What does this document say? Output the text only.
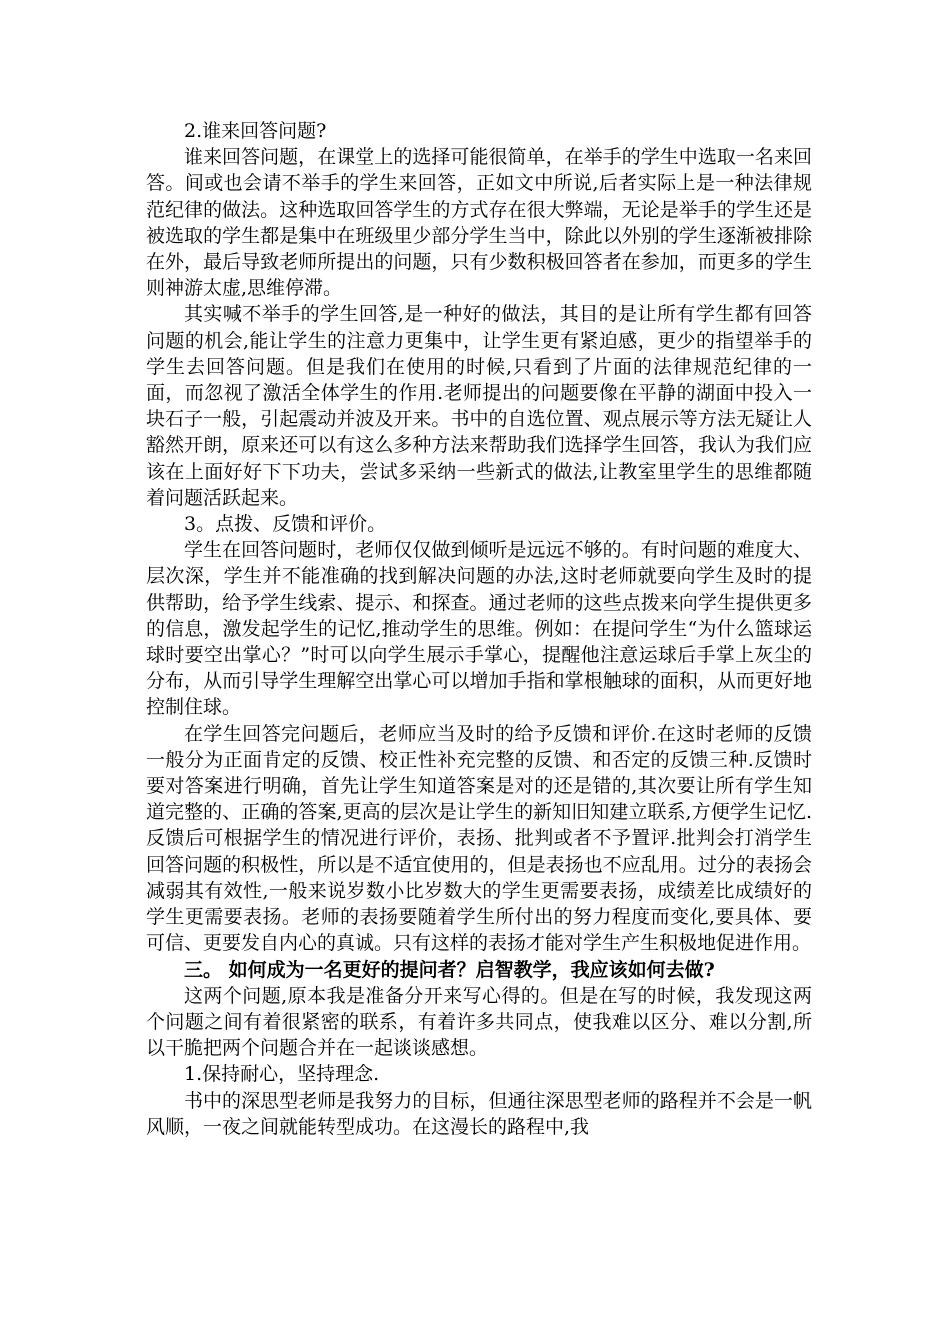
2.谁来回答问题?

谁来回答问题，在课堂上的选择可能很简单，在举手的学生中选取一名来回答。间或也会请不举手的学生来回答，正如文中所说,后者实际上是一种法律规范纪律的做法。这种选取回答学生的方式存在很大弊端，无论是举手的学生还是被选取的学生都是集中在班级里少部分学生当中，除此以外别的学生逐渐被排除在外，最后导致老师所提出的问题，只有少数积极回答者在参加，而更多的学生则神游太虚,思维停滞。

其实喊不举手的学生回答,是一种好的做法，其目的是让所有学生都有回答问题的机会,能让学生的注意力更集中，让学生更有紧迫感，更少的指望举手的学生去回答问题。但是我们在使用的时候,只看到了片面的法律规范纪律的一面，而忽视了激活全体学生的作用.老师提出的问题要像在平静的湖面中投入一块石子一般，引起震动并波及开来。书中的自选位置、观点展示等方法无疑让人豁然开朗，原来还可以有这么多种方法来帮助我们选择学生回答，我认为我们应该在上面好好下下功夫，尝试多采纳一些新式的做法,让教室里学生的思维都随着问题活跃起来。

3。点拨、反馈和评价。

学生在回答问题时，老师仅仅做到倾听是远远不够的。有时问题的难度大、层次深，学生并不能准确的找到解决问题的办法,这时老师就要向学生及时的提供帮助，给予学生线索、提示、和探查。通过老师的这些点拨来向学生提供更多的信息，激发起学生的记忆,推动学生的思维。例如：在提问学生“为什么篮球运球时要空出掌心？”时可以向学生展示手掌心，提醒他注意运球后手掌上灰尘的分布，从而引导学生理解空出掌心可以增加手指和掌根触球的面积，从而更好地控制住球。

在学生回答完问题后，老师应当及时的给予反馈和评价.在这时老师的反馈一般分为正面肯定的反馈、校正性补充完整的反馈、和否定的反馈三种.反馈时要对答案进行明确，首先让学生知道答案是对的还是错的,其次要让所有学生知道完整的、正确的答案,更高的层次是让学生的新知旧知建立联系,方便学生记忆.反馈后可根据学生的情况进行评价，表扬、批判或者不予置评.批判会打消学生回答问题的积极性，所以是不适宜使用的，但是表扬也不应乱用。过分的表扬会减弱其有效性,一般来说岁数小比岁数大的学生更需要表扬，成绩差比成绩好的学生更需要表扬。老师的表扬要随着学生所付出的努力程度而变化,要具体、要可信、更要发自内心的真诚。只有这样的表扬才能对学生产生积极地促进作用。

三。 如何成为一名更好的提问者？启智教学，我应该如何去做?

这两个问题,原本我是准备分开来写心得的。但是在写的时候，我发现这两个问题之间有着很紧密的联系，有着许多共同点，使我难以区分、难以分割,所以干脆把两个问题合并在一起谈谈感想。

1.保持耐心，坚持理念.

书中的深思型老师是我努力的目标，但通往深思型老师的路程并不会是一帆风顺，一夜之间就能转型成功。在这漫长的路程中,我
